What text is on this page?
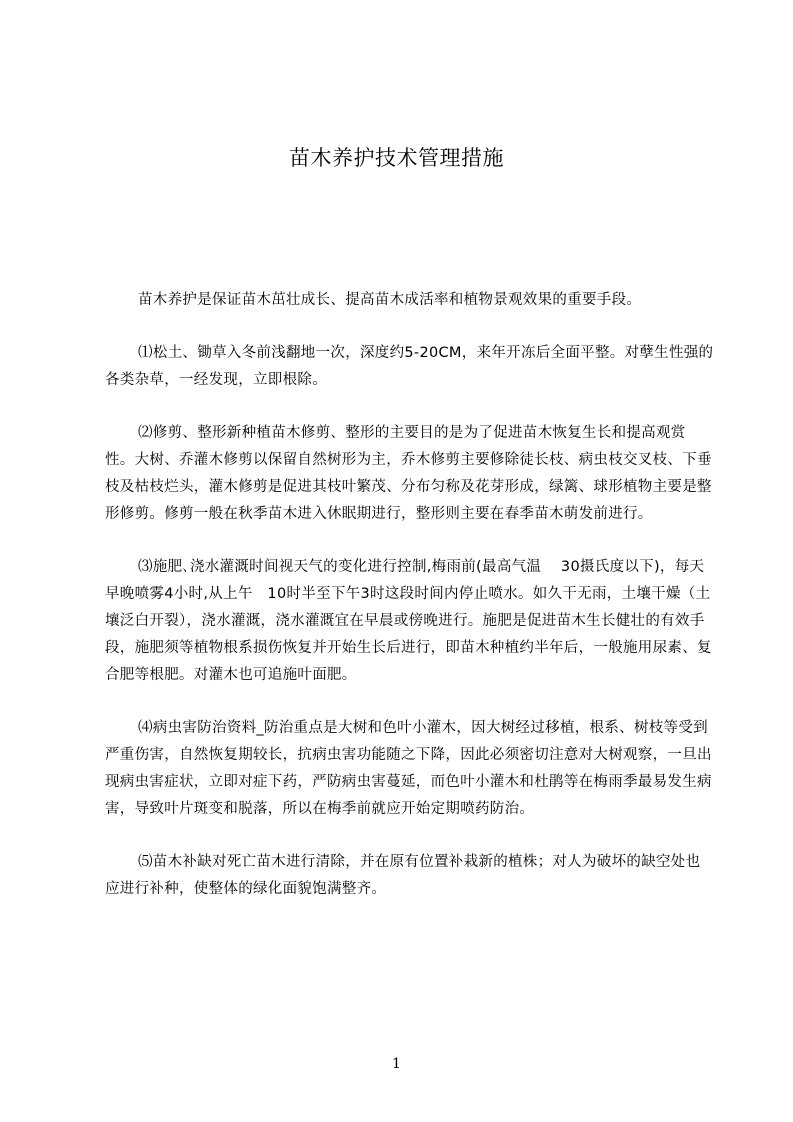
苗木养护技术管理措施

苗木养护是保证苗木茁壮成长、提高苗木成活率和植物景观效果的重要手段。

⑴松土、锄草入冬前浅翻地一次，深度约5-20CM，来年开冻后全面平整。对孽生性强的各类杂草，一经发现，立即根除。

⑵修剪、整形新种植苗木修剪、整形的主要目的是为了促进苗木恢复生长和提高观赏性。大树、乔灌木修剪以保留自然树形为主，乔木修剪主要修除徒长枝、病虫枝交叉枝、下垂枝及枯枝烂头，灌木修剪是促进其枝叶繁茂、分布匀称及花芽形成，绿篱、球形植物主要是整形修剪。修剪一般在秋季苗木进入休眠期进行，整形则主要在春季苗木萌发前进行。

⑶施肥､浇水灌溉时间视天气的变化进行控制,梅雨前(最高气温　 30摄氏度以下)，每天早晚喷雾4小时,从上午　10时半至下午3时这段时间内停止喷水。如久干无雨，土壤干燥（土壤泛白开裂），浇水灌溉，浇水灌溉宜在早晨或傍晚进行。施肥是促进苗木生长健壮的有效手段，施肥须等植物根系损伤恢复并开始生长后进行，即苗木种植约半年后，一般施用尿素、复合肥等根肥。对灌木也可追施叶面肥。

⑷病虫害防治资料_防治重点是大树和色叶小灌木，因大树经过移植，根系、树枝等受到严重伤害，自然恢复期较长，抗病虫害功能随之下降，因此必须密切注意对大树观察，一旦出现病虫害症状，立即对症下药，严防病虫害蔓延，而色叶小灌木和杜鹃等在梅雨季最易发生病害，导致叶片斑变和脱落，所以在梅季前就应开始定期喷药防治。

⑸苗木补缺对死亡苗木进行清除，并在原有位置补栽新的植株；对人为破坏的缺空处也应进行补种，使整体的绿化面貌饱满整齐。

1
